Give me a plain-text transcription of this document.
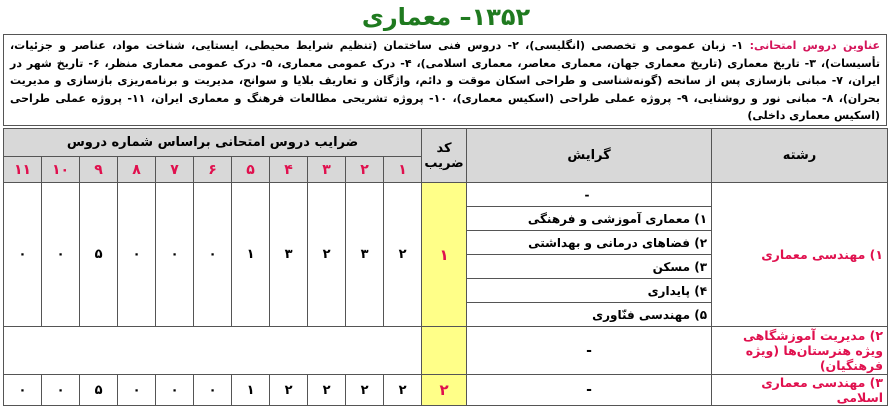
۱۳۵۲– معماری
عناوین دروس امتحانی: ۱- زبان عمومی و تخصصی (انگلیسی)، ۲- دروس فنی ساختمان (تنظیم شرایط محیطی، ایستایی، شناخت مواد، عناصر و جزئیات، تأسیسات)، ۳- تاریخ معماری (تاریخ معماری جهان، معماری معاصر، معماری اسلامی)، ۴- درک عمومی معماری، ۵- درک عمومی معماری منظر، ۶- تاریخ شهر در ایران، ۷- مبانی بازسازی پس از سانحه (گونه‌شناسی و طراحی اسکان موقت و دائم، واژگان و تعاریف بلایا و سوانح، مدیریت و برنامه‌ریزی بازسازی و مدیریت بحران)، ۸- مبانی نور و روشنایی، ۹- پروژه عملی طراحی (اسکیس معماری)، ۱۰- پروژه تشریحی مطالعات فرهنگ و معماری ایران، ۱۱- پروژه عملی طراحی (اسکیس معماری داخلی)
رشته	گرایش	کد ضریب	ضرایب دروس امتحانی براساس شماره دروس										
			۱	۲	۳	۴	۵	۶	۷	۸	۹	۱۰	۱۱
۱) مهندسی معماری	-	۱	۲	۳	۲	۳	۱	۰	۰	۰	۵	۰	۰
	۱) معماری آموزشی و فرهنگی												
	۲) فضاهای درمانی و بهداشتی												
	۳) مسکن												
	۴) پایداری												
	۵) مهندسی فنّاوری												
۲) مدیریت آموزشگاهی ویژه هنرستان‌ها (ویژه فرهنگیان)	-												
۳) مهندسی معماری اسلامی	-	۲	۲	۲	۲	۲	۱	۰	۰	۰	۵	۰	۰
